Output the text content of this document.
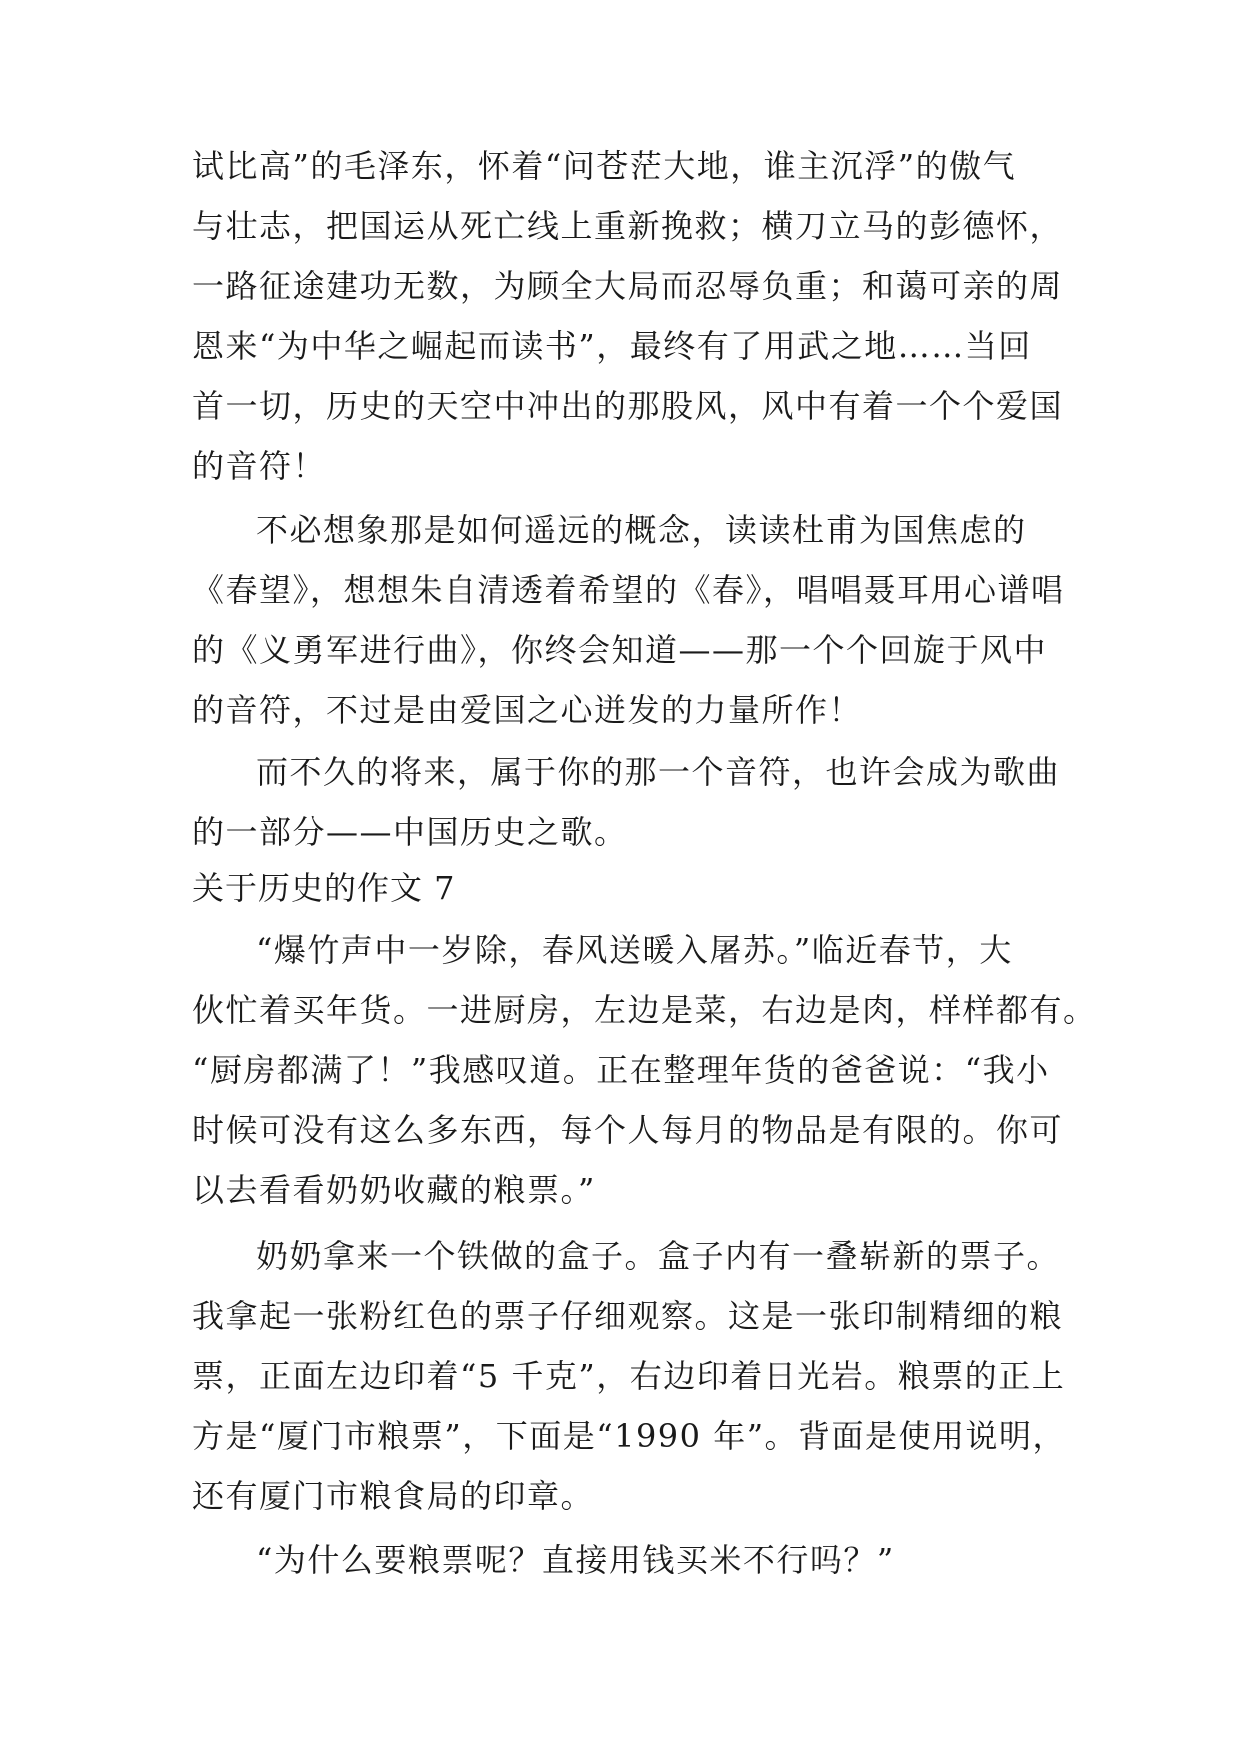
试比高”的毛泽东，怀着“问苍茫大地，谁主沉浮”的傲气
与壮志，把国运从死亡线上重新挽救；横刀立马的彭德怀，
一路征途建功无数，为顾全大局而忍辱负重；和蔼可亲的周
恩来“为中华之崛起而读书”，最终有了用武之地……当回
首一切，历史的天空中冲出的那股风，风中有着一个个爱国
的音符！
不必想象那是如何遥远的概念，读读杜甫为国焦虑的
《春望》，想想朱自清透着希望的《春》，唱唱聂耳用心谱唱
的《义勇军进行曲》，你终会知道——那一个个回旋于风中
的音符，不过是由爱国之心迸发的力量所作！
而不久的将来，属于你的那一个音符，也许会成为歌曲
的一部分——中国历史之歌。
关于历史的作文 7
“爆竹声中一岁除，春风送暖入屠苏。”临近春节，大
伙忙着买年货。一进厨房，左边是菜，右边是肉，样样都有。
“厨房都满了！”我感叹道。正在整理年货的爸爸说：“我小
时候可没有这么多东西，每个人每月的物品是有限的。你可
以去看看奶奶收藏的粮票。”
奶奶拿来一个铁做的盒子。盒子内有一叠崭新的票子。
我拿起一张粉红色的票子仔细观察。这是一张印制精细的粮
票，正面左边印着“5 千克”，右边印着日光岩。粮票的正上
方是“厦门市粮票”，下面是“1990 年”。背面是使用说明，
还有厦门市粮食局的印章。
“为什么要粮票呢？直接用钱买米不行吗？”
